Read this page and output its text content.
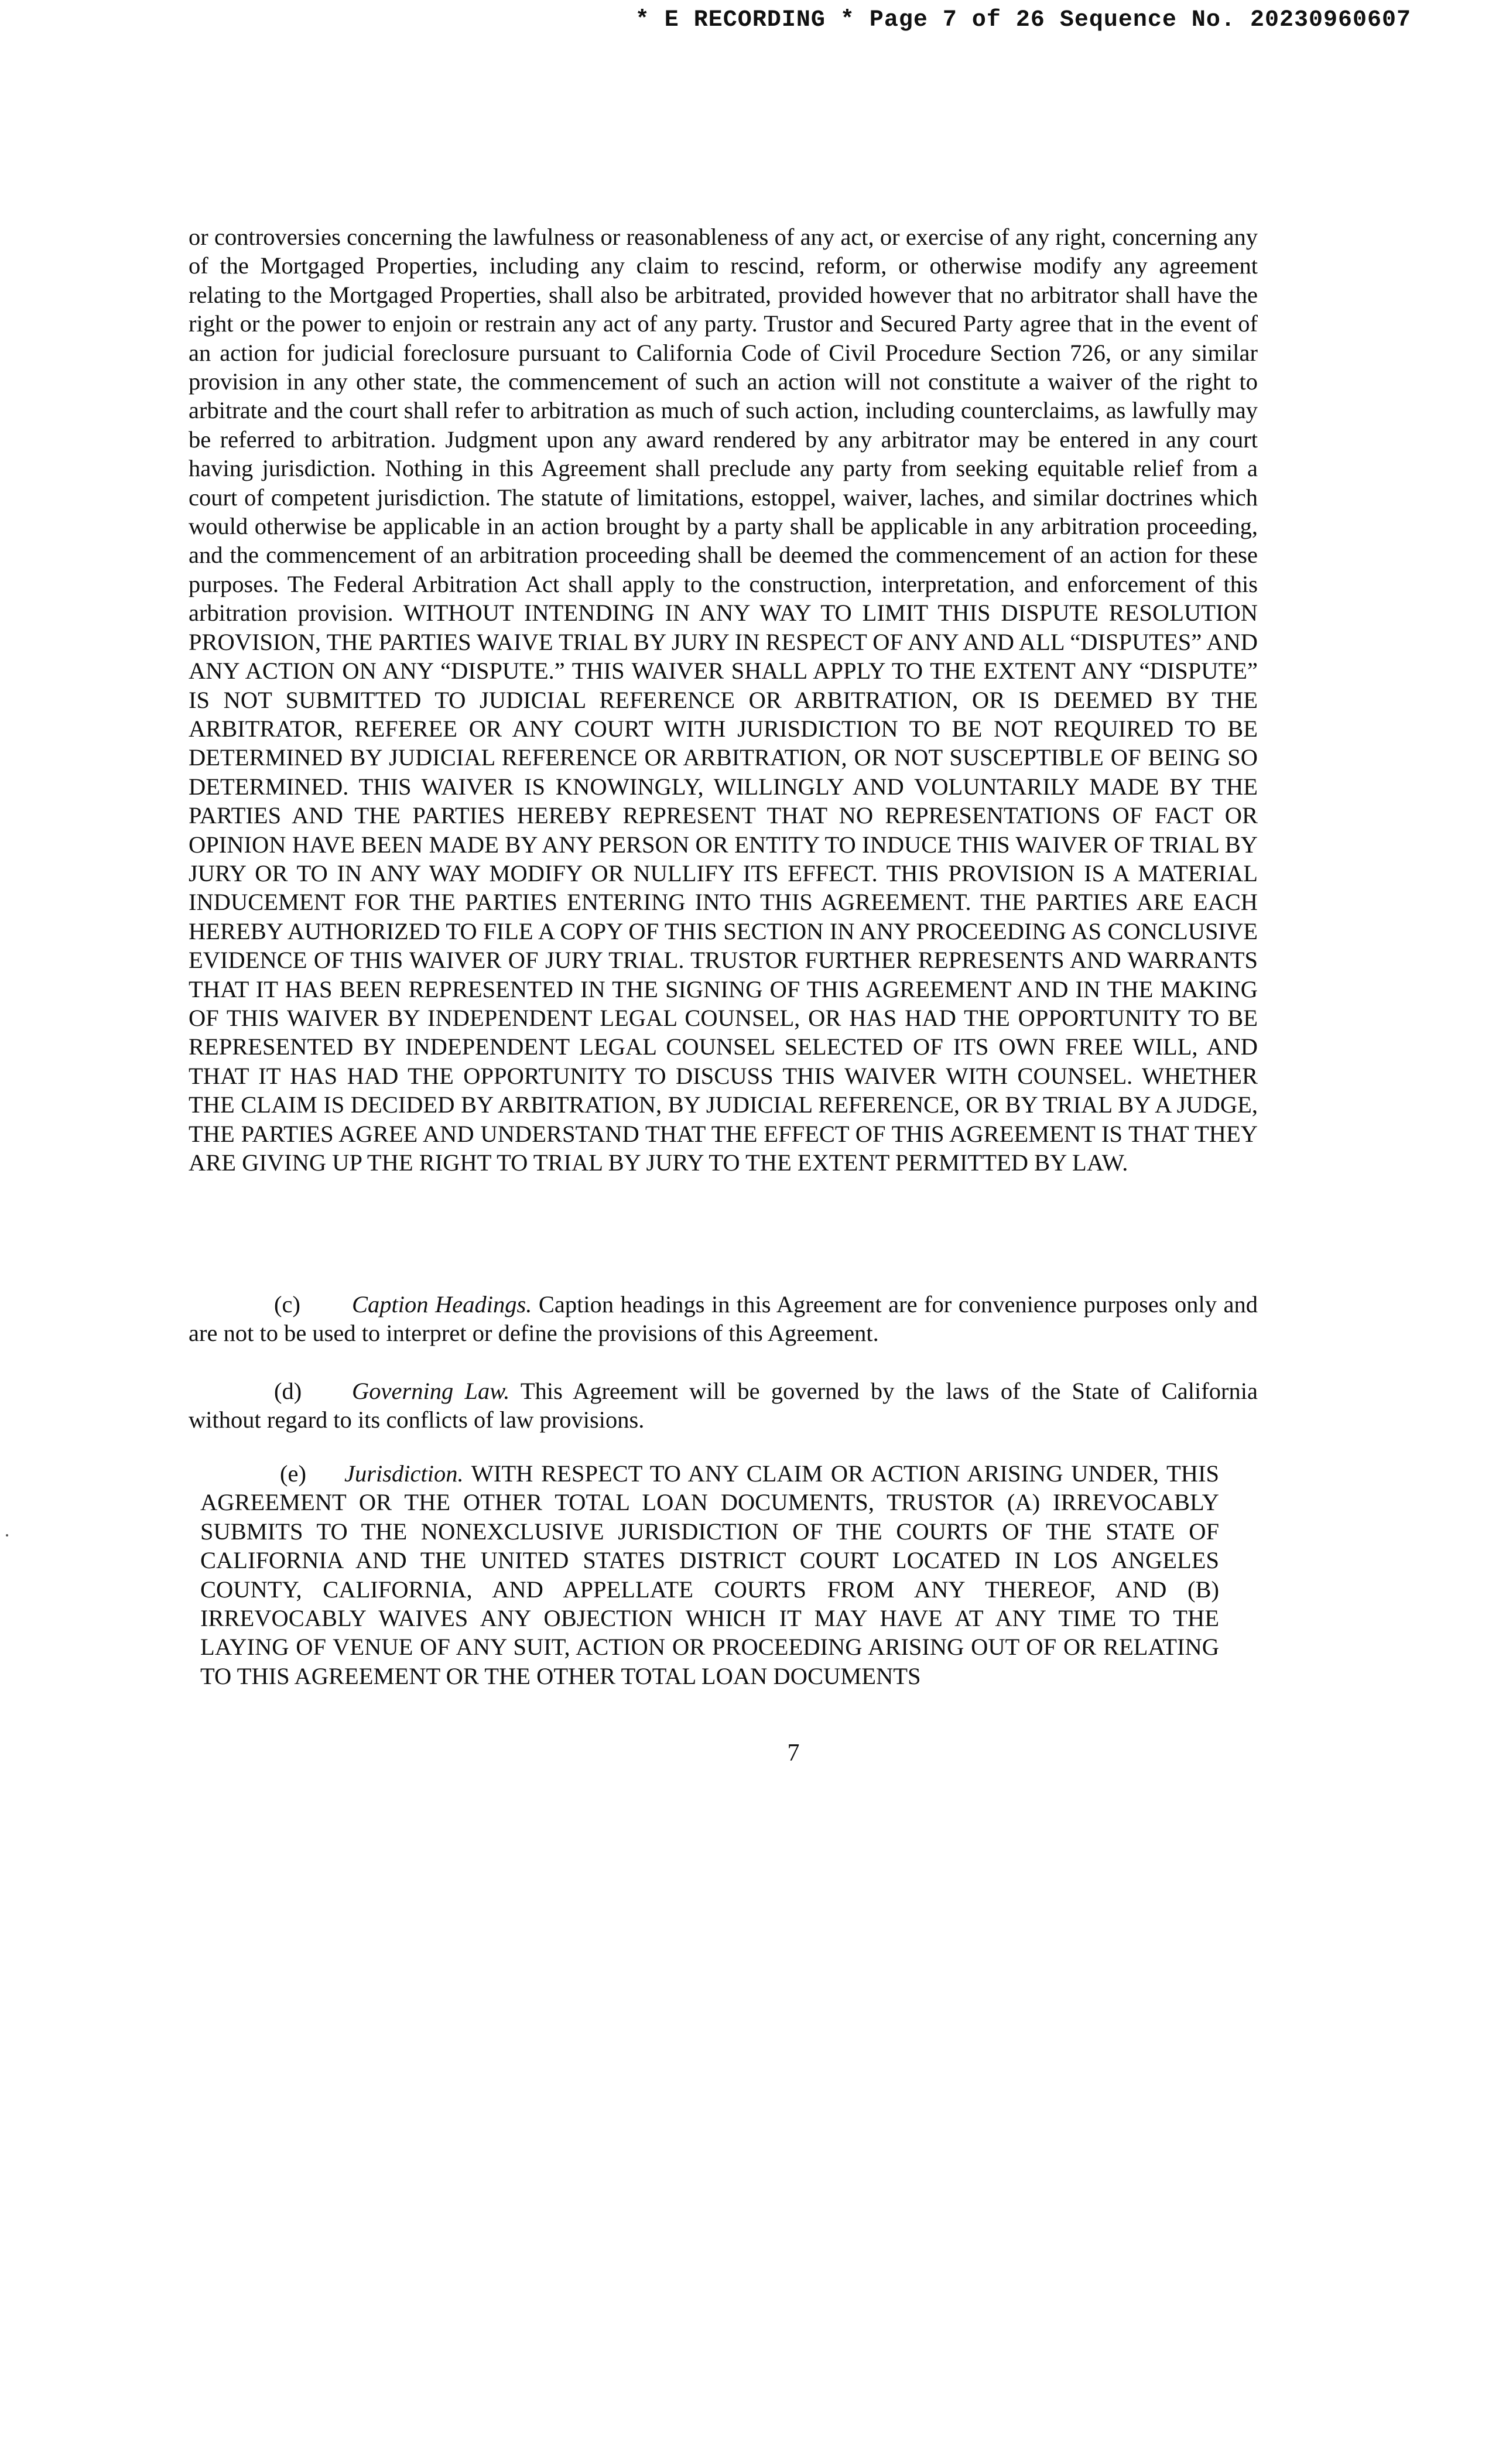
* E RECORDING * Page 7 of 26 Sequence No. 20230960607
or controversies concerning the lawfulness or reasonableness of any act, or exercise of any right, concerning any of the Mortgaged Properties, including any claim to rescind, reform, or otherwise modify any agreement relating to the Mortgaged Properties, shall also be arbitrated, provided however that no arbitrator shall have the right or the power to enjoin or restrain any act of any party. Trustor and Secured Party agree that in the event of an action for judicial foreclosure pursuant to California Code of Civil Procedure Section 726, or any similar provision in any other state, the commencement of such an action will not constitute a waiver of the right to arbitrate and the court shall refer to arbitration as much of such action, including counterclaims, as lawfully may be referred to arbitration. Judgment upon any award rendered by any arbitrator may be entered in any court having jurisdiction. Nothing in this Agreement shall preclude any party from seeking equitable relief from a court of competent jurisdiction. The statute of limitations, estoppel, waiver, laches, and similar doctrines which would otherwise be applicable in an action brought by a party shall be applicable in any arbitration proceeding, and the commencement of an arbitration proceeding shall be deemed the commencement of an action for these purposes. The Federal Arbitration Act shall apply to the construction, interpretation, and enforcement of this arbitration provision. WITHOUT INTENDING IN ANY WAY TO LIMIT THIS DISPUTE RESOLUTION PROVISION, THE PARTIES WAIVE TRIAL BY JURY IN RESPECT OF ANY AND ALL “DISPUTES” AND ANY ACTION ON ANY “DISPUTE.” THIS WAIVER SHALL APPLY TO THE EXTENT ANY “DISPUTE” IS NOT SUBMITTED TO JUDICIAL REFERENCE OR ARBITRATION, OR IS DEEMED BY THE ARBITRATOR, REFEREE OR ANY COURT WITH JURISDICTION TO BE NOT REQUIRED TO BE DETERMINED BY JUDICIAL REFERENCE OR ARBITRATION, OR NOT SUSCEPTIBLE OF BEING SO DETERMINED. THIS WAIVER IS KNOWINGLY, WILLINGLY AND VOLUNTARILY MADE BY THE PARTIES AND THE PARTIES HEREBY REPRESENT THAT NO REPRESENTATIONS OF FACT OR OPINION HAVE BEEN MADE BY ANY PERSON OR ENTITY TO INDUCE THIS WAIVER OF TRIAL BY JURY OR TO IN ANY WAY MODIFY OR NULLIFY ITS EFFECT. THIS PROVISION IS A MATERIAL INDUCEMENT FOR THE PARTIES ENTERING INTO THIS AGREEMENT. THE PARTIES ARE EACH HEREBY AUTHORIZED TO FILE A COPY OF THIS SECTION IN ANY PROCEEDING AS CONCLUSIVE EVIDENCE OF THIS WAIVER OF JURY TRIAL. TRUSTOR FURTHER REPRESENTS AND WARRANTS THAT IT HAS BEEN REPRESENTED IN THE SIGNING OF THIS AGREEMENT AND IN THE MAKING OF THIS WAIVER BY INDEPENDENT LEGAL COUNSEL, OR HAS HAD THE OPPORTUNITY TO BE REPRESENTED BY INDEPENDENT LEGAL COUNSEL SELECTED OF ITS OWN FREE WILL, AND THAT IT HAS HAD THE OPPORTUNITY TO DISCUSS THIS WAIVER WITH COUNSEL. WHETHER THE CLAIM IS DECIDED BY ARBITRATION, BY JUDICIAL REFERENCE, OR BY TRIAL BY A JUDGE, THE PARTIES AGREE AND UNDERSTAND THAT THE EFFECT OF THIS AGREEMENT IS THAT THEY ARE GIVING UP THE RIGHT TO TRIAL BY JURY TO THE EXTENT PERMITTED BY LAW.
(c) Caption Headings. Caption headings in this Agreement are for convenience purposes only and are not to be used to interpret or define the provisions of this Agreement.
(d) Governing Law. This Agreement will be governed by the laws of the State of California without regard to its conflicts of law provisions.
(e) Jurisdiction. WITH RESPECT TO ANY CLAIM OR ACTION ARISING UNDER, THIS AGREEMENT OR THE OTHER TOTAL LOAN DOCUMENTS, TRUSTOR (A) IRREVOCABLY SUBMITS TO THE NONEXCLUSIVE JURISDICTION OF THE COURTS OF THE STATE OF CALIFORNIA AND THE UNITED STATES DISTRICT COURT LOCATED IN LOS ANGELES COUNTY, CALIFORNIA, AND APPELLATE COURTS FROM ANY THEREOF, AND (B) IRREVOCABLY WAIVES ANY OBJECTION WHICH IT MAY HAVE AT ANY TIME TO THE LAYING OF VENUE OF ANY SUIT, ACTION OR PROCEEDING ARISING OUT OF OR RELATING TO THIS AGREEMENT OR THE OTHER TOTAL LOAN DOCUMENTS
7
